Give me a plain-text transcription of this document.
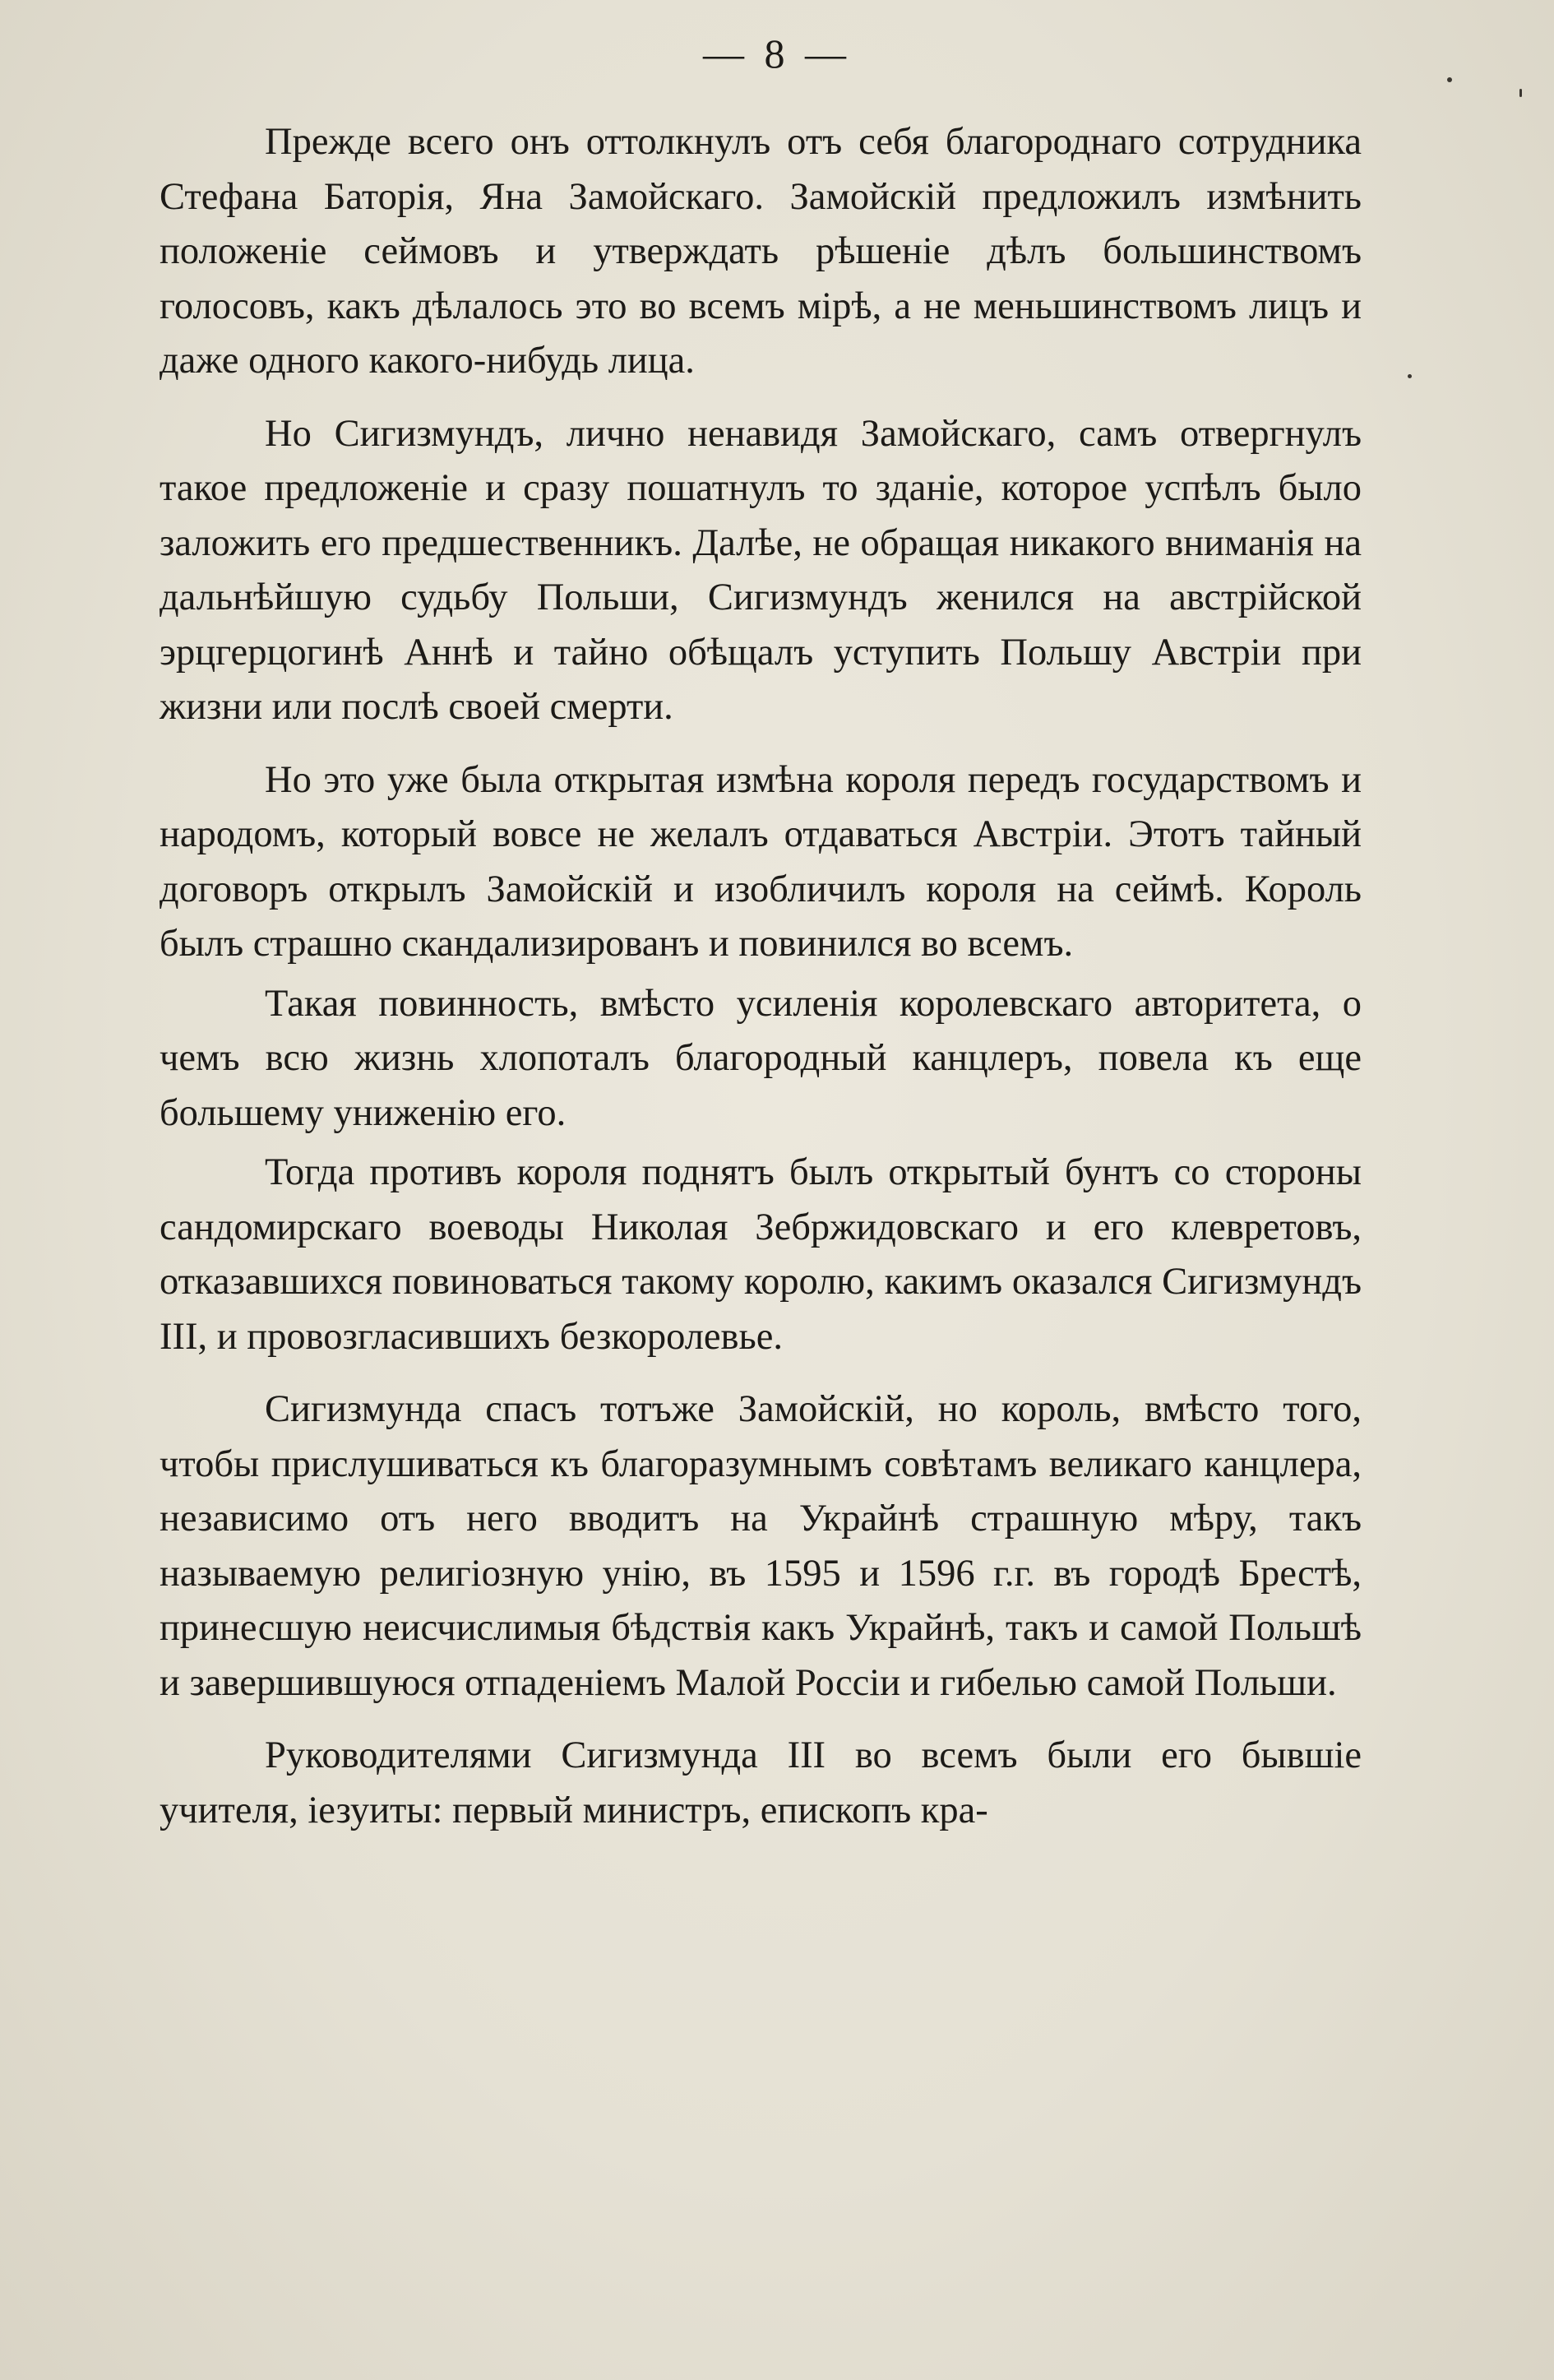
— 8 —

Прежде всего онъ оттолкнулъ отъ себя благороднаго сотрудника Стефана Баторія, Яна Замойскаго. Замойскій предложилъ измѣнить положеніе сеймовъ и утверждать рѣшеніе дѣлъ большинствомъ голосовъ, какъ дѣлалось это во всемъ мірѣ, а не меньшинствомъ лицъ и даже одного какого-нибудь лица.

Но Сигизмундъ, лично ненавидя Замойскаго, самъ отвергнулъ такое предложеніе и сразу пошатнулъ то зданіе, которое успѣлъ было заложить его предшественникъ. Далѣе, не обращая никакого вниманія на дальнѣйшую судьбу Польши, Сигизмундъ женился на австрійской эрцгерцогинѣ Аннѣ и тайно обѣщалъ уступить Польшу Австріи при жизни или послѣ своей смерти.

Но это уже была открытая измѣна короля передъ государствомъ и народомъ, который вовсе не желалъ отдаваться Австріи. Этотъ тайный договоръ открылъ Замойскій и изобличилъ короля на сеймѣ. Король былъ страшно скандализированъ и повинился во всемъ.

Такая повинность, вмѣсто усиленія королевскаго авторитета, о чемъ всю жизнь хлопоталъ благородный канцлеръ, повела къ еще большему униженію его.

Тогда противъ короля поднятъ былъ открытый бунтъ со стороны сандомирскаго воеводы Николая Зебржидовскаго и его клевретовъ, отказавшихся повиноваться такому королю, какимъ оказался Сигизмундъ III, и провозгласившихъ безкоролевье.

Сигизмунда спасъ тотъже Замойскій, но король, вмѣсто того, чтобы прислушиваться къ благоразумнымъ совѣтамъ великаго канцлера, независимо отъ него вводитъ на Украйнѣ страшную мѣру, такъ называемую религіозную унію, въ 1595 и 1596 г.г. въ городѣ Брестѣ, принесшую неисчислимыя бѣдствія какъ Украйнѣ, такъ и самой Польшѣ и завершившуюся отпаденіемъ Малой Россіи и гибелью самой Польши.

Руководителями Сигизмунда III во всемъ были его бывшіе учителя, іезуиты: первый министръ, епископъ кра-
